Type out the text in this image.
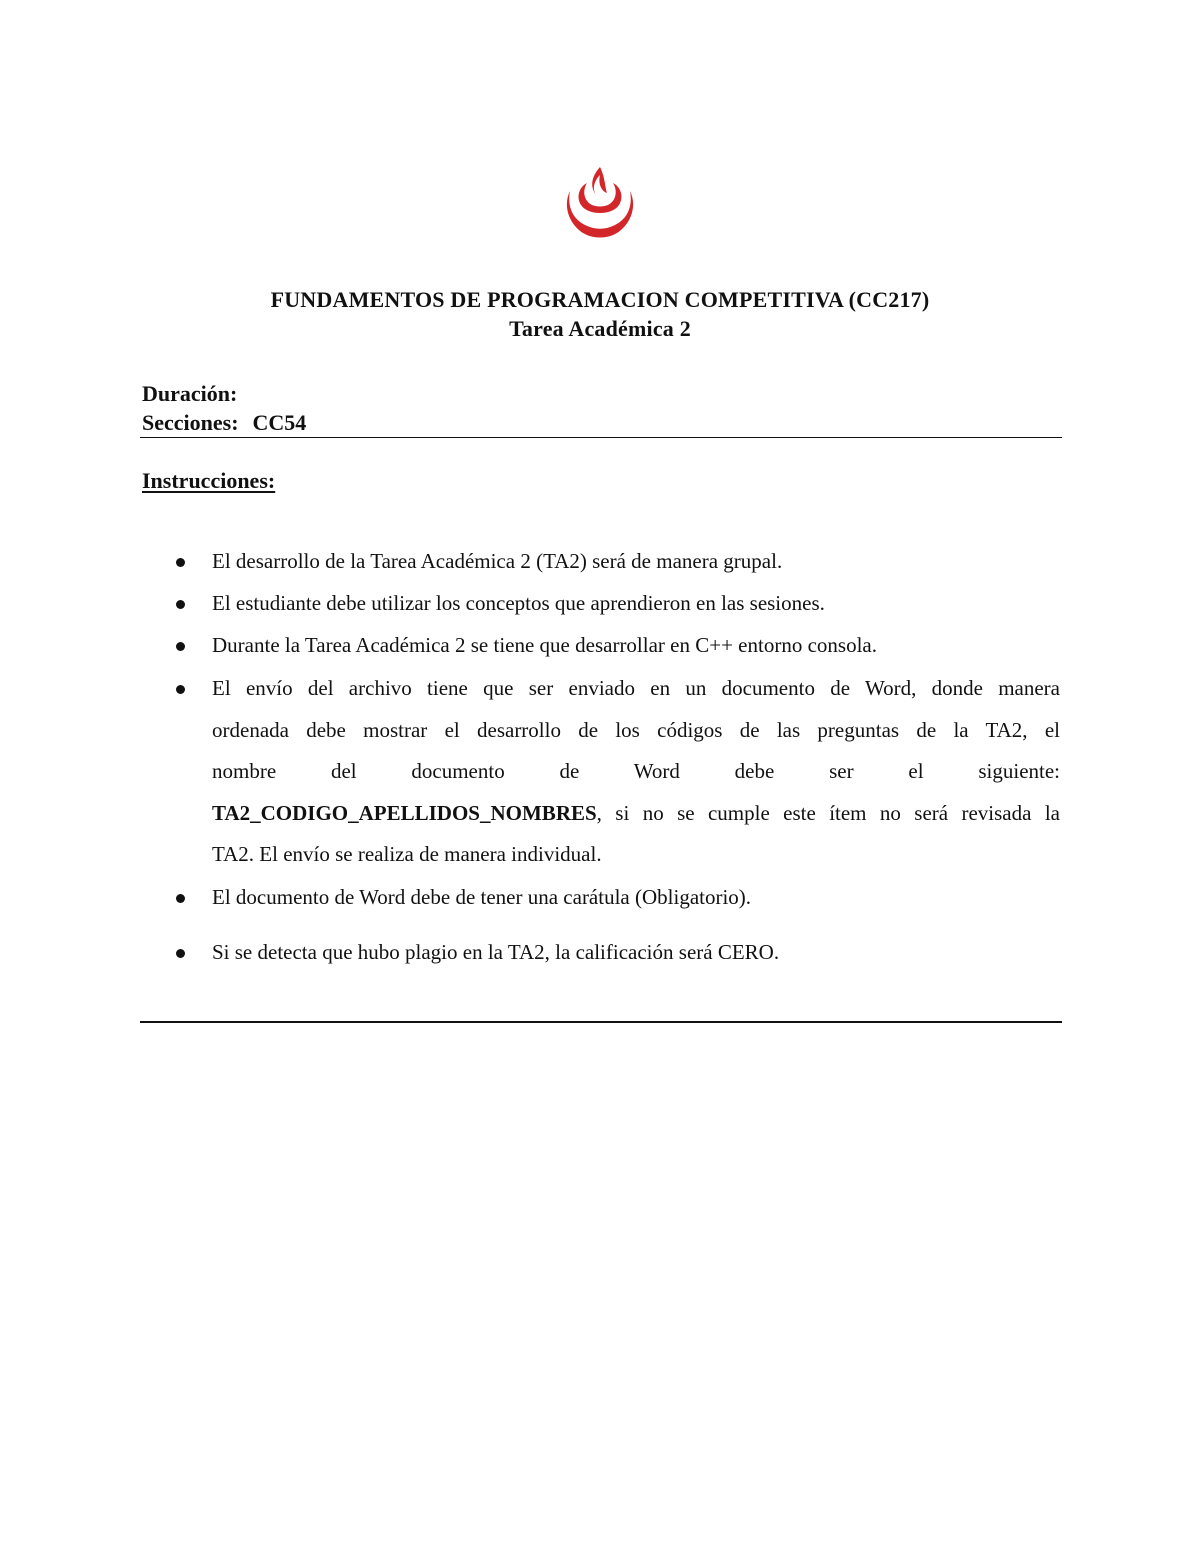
FUNDAMENTOS DE PROGRAMACION COMPETITIVA (CC217)
Tarea Académica 2
Duración:
Secciones: CC54
Instrucciones:
El desarrollo de la Tarea Académica 2 (TA2) será de manera grupal.
El estudiante debe utilizar los conceptos que aprendieron en las sesiones.
Durante la Tarea Académica 2 se tiene que desarrollar en C++ entorno consola.
El envío del archivo tiene que ser enviado en un documento de Word, donde manera
ordenada debe mostrar el desarrollo de los códigos de las preguntas de la TA2, el
nombre del documento de Word debe ser el siguiente:
TA2_CODIGO_APELLIDOS_NOMBRES, si no se cumple este ítem no será revisada la
TA2. El envío se realiza de manera individual.
El documento de Word debe de tener una carátula (Obligatorio).
Si se detecta que hubo plagio en la TA2, la calificación será CERO.
